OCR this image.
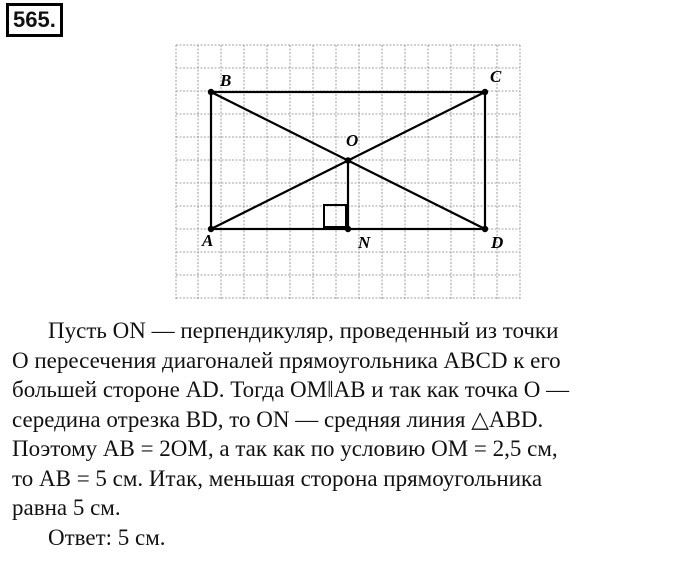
565.
B	C
O
A	N	D

Пусть ON — перпендикуляр, проведенный из точки

O пересечения диагоналей прямоугольника ABCD к его

большей стороне AD. Тогда OM‖AB и так как точка O —

середина отрезка BD, то ON — средняя линия △ABD.

Поэтому AB = 2OM, а так как по условию OM = 2,5 см,

то AB = 5 см. Итак, меньшая сторона прямоугольника

равна 5 см.

Ответ: 5 см.
